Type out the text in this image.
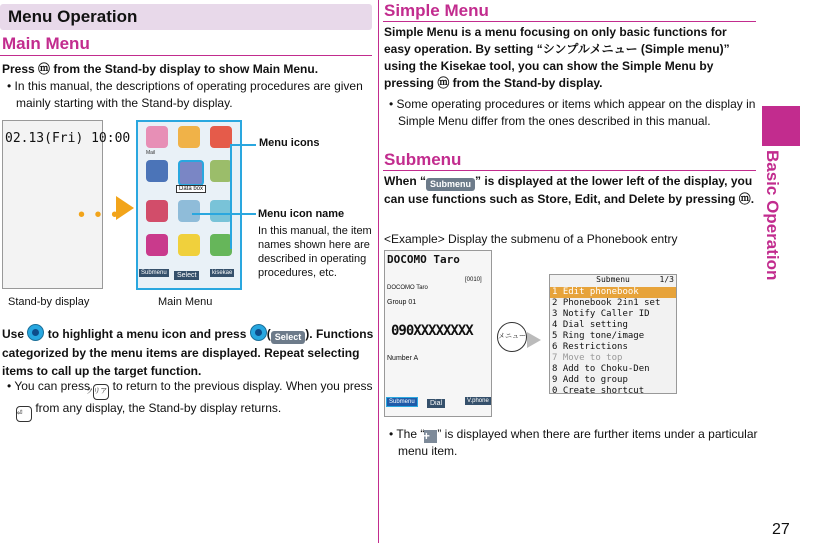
Menu Operation
Main Menu

Press ⓜ from the Stand-by display to show Main Menu.

• In this manual, the descriptions of operating procedures are given mainly starting with the Stand-by display.

02.13(Fri) 10:00
• • •
Mail
Data box
Submenu	Select	kisekae
Menu icons
Menu icon name
In this manual, the item names shown here are described in operating procedures, etc.
Stand-by display	Main Menu

Use to highlight a menu icon and press ( Select ). Functions categorized by the menu items are displayed. Repeat selecting items to call up the target function.

• You can press クリア to return to the previous display. When you press ⏎ from any display, the Stand-by display returns.

Simple Menu

Simple Menu is a menu focusing on only basic functions for easy operation. By setting “シンプルメニュー (Simple menu)” using the Kisekae tool, you can show the Simple Menu by pressing ⓜ from the Stand-by display.

• Some operating procedures or items which appear on the display in Simple Menu differ from the ones described in this manual.

Submenu

When “ Submenu ” is displayed at the lower left of the display, you can use functions such as Store, Edit, and Delete by pressing ⓜ.

<Example> Display the submenu of a Phonebook entry

DOCOMO Taro
[0010]
DOCOMO Taro
Group 01
090XXXXXXXX
Number A
Submenu	Dial	V.phone
メニュー
Submenu	1/3
1 Edit phonebook
2 Phonebook 2in1 set
3 Notify Caller ID
4 Dial setting
5 Ring tone/image
6 Restrictions
7 Move to top
8 Add to Choku-Den
9 Add to group
0 Create shortcut

• The “+ ” is displayed when there are further items under a particular menu item.

Basic Operation
27
